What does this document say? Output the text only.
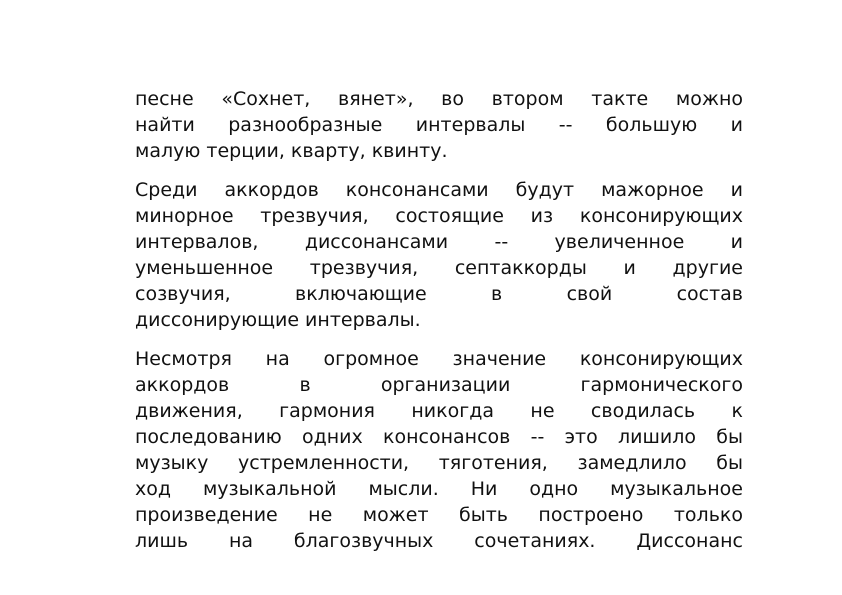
песне «Сохнет, вянет», во втором такте можно
найти разнообразные интервалы -- большую и
малую терции, кварту, квинту.

Среди аккордов консонансами будут мажорное и
минорное трезвучия, состоящие из консонирующих
интервалов, диссонансами -- увеличенное и
уменьшенное трезвучия, септаккорды и другие
созвучия, включающие в свой состав
диссонирующие интервалы.

Несмотря на огромное значение консонирующих
аккордов в организации гармонического
движения, гармония никогда не сводилась к
последованию одних консонансов -- это лишило бы
музыку устремленности, тяготения, замедлило бы
ход музыкальной мысли. Ни одно музыкальное
произведение не может быть построено только
лишь на благозвучных сочетаниях. Диссонанс
